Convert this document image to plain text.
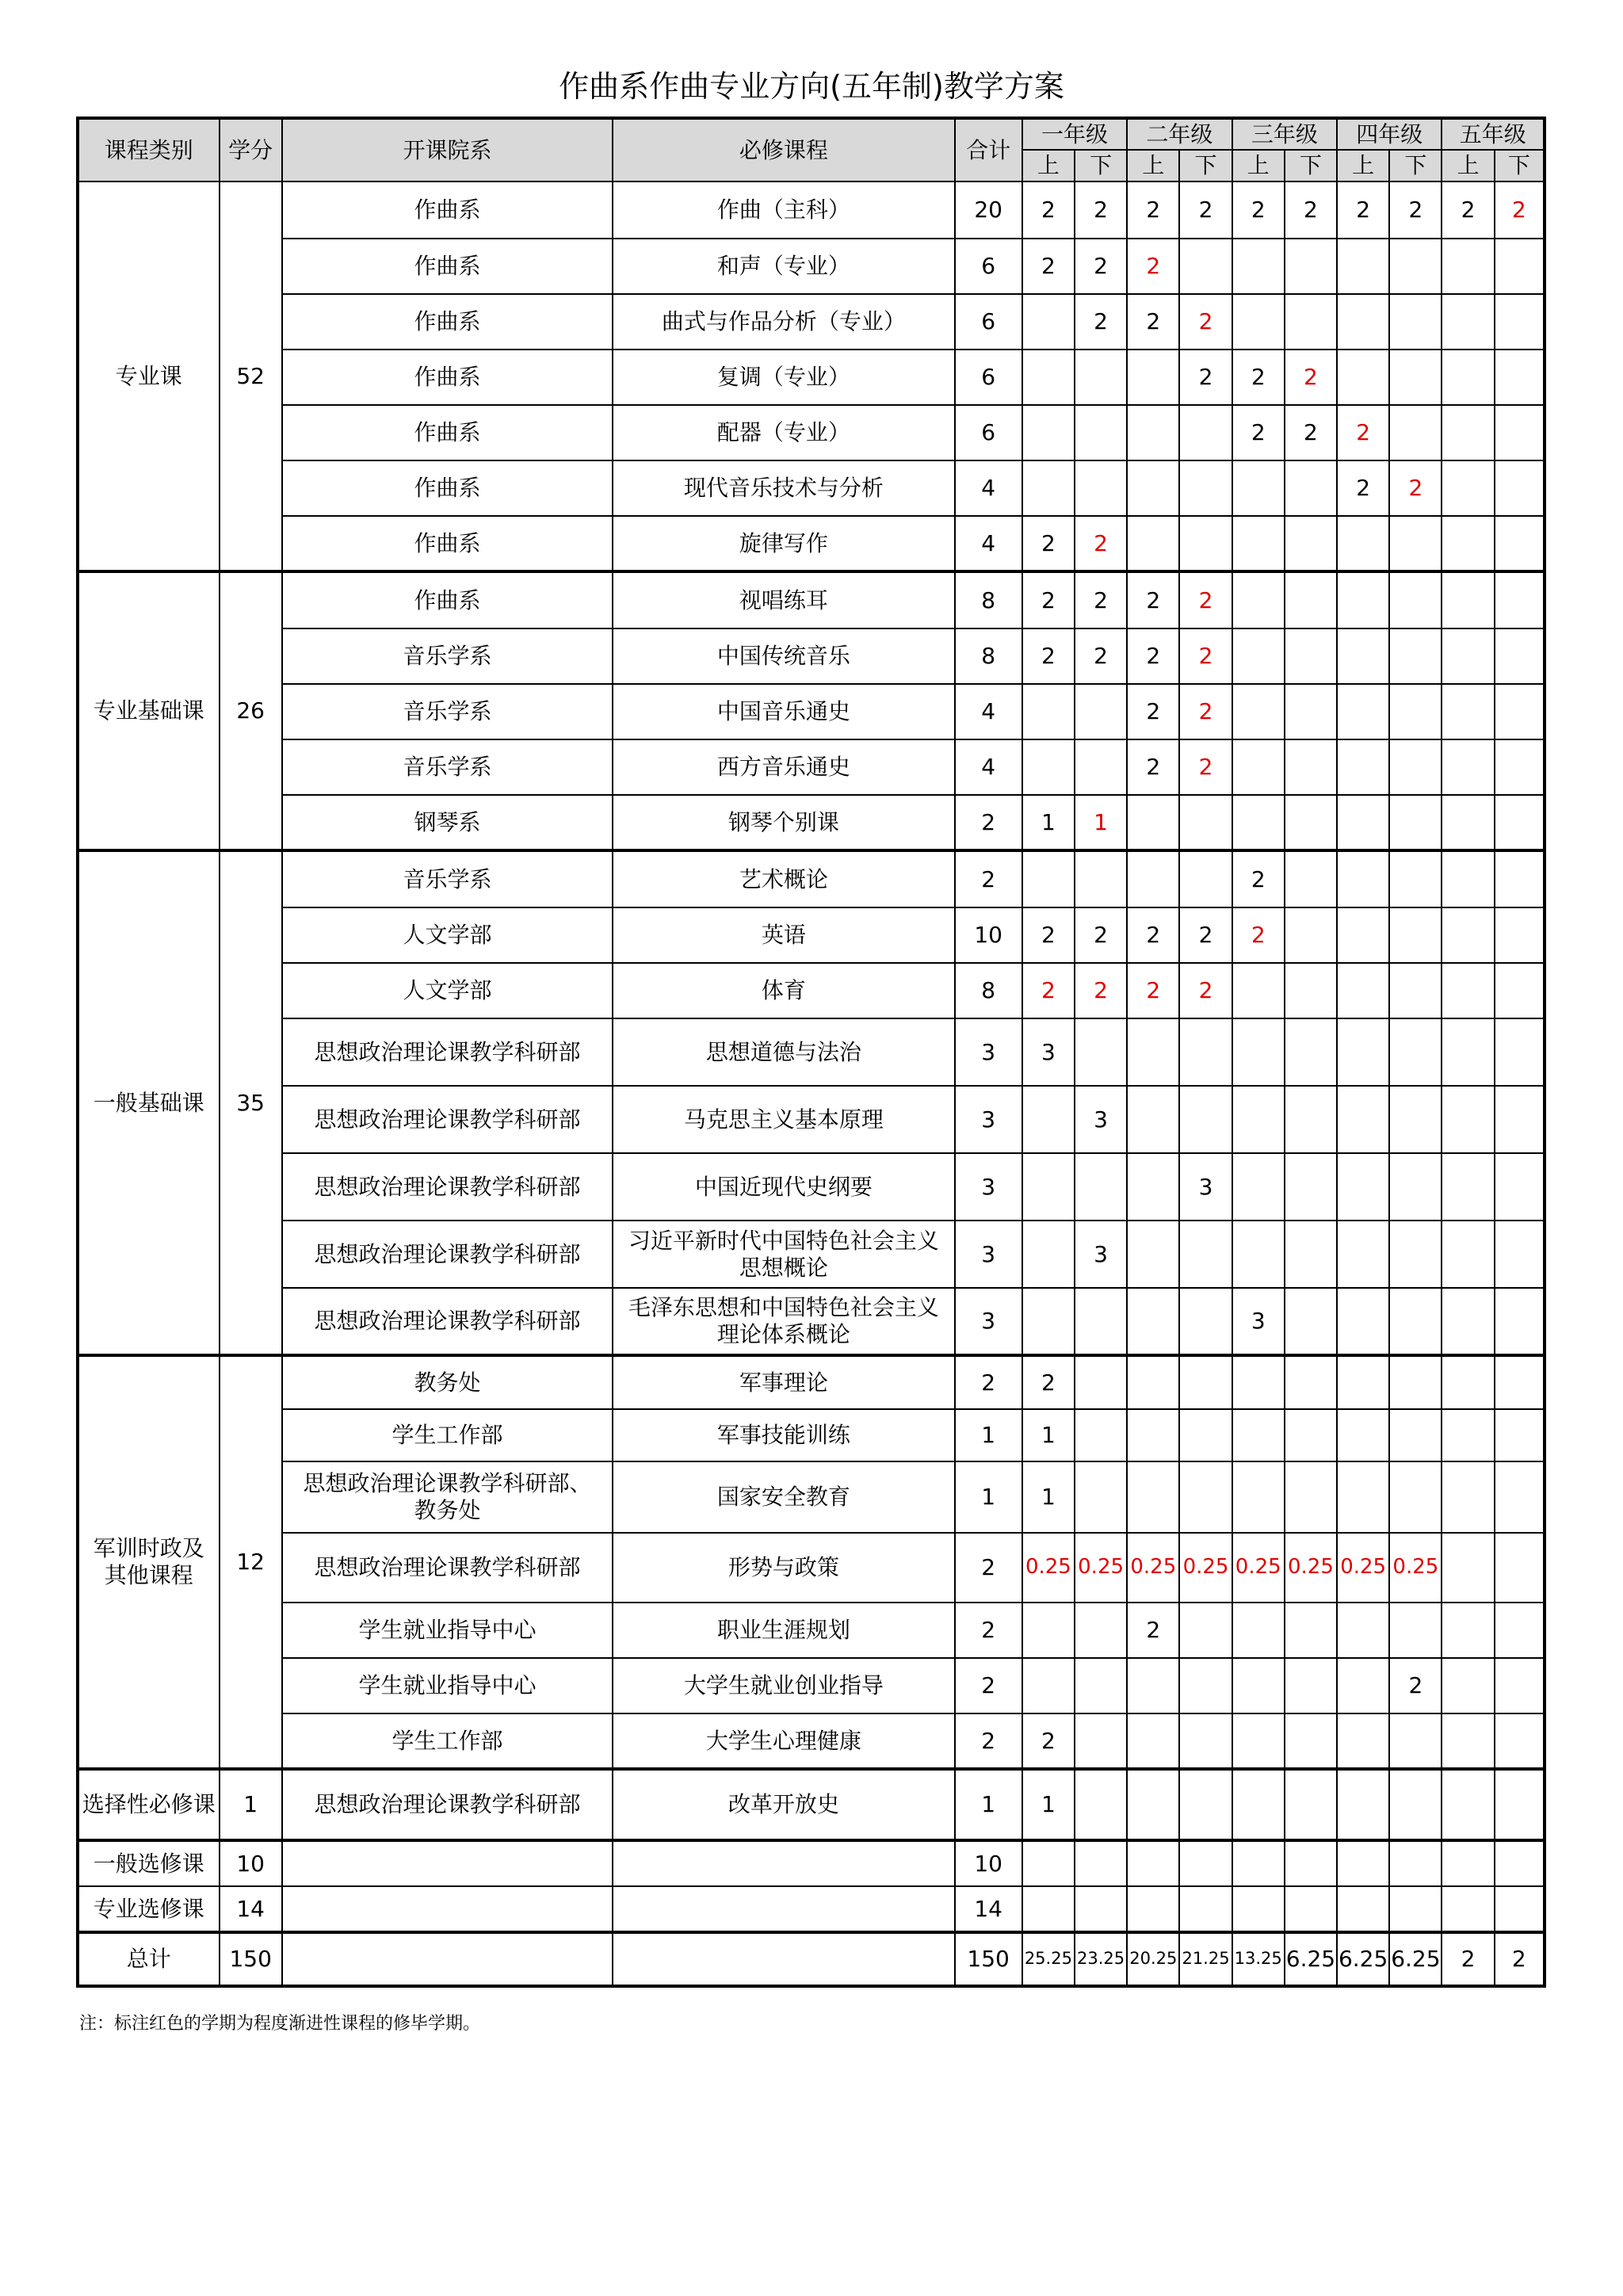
作曲系作曲专业方向(五年制)教学方案
课程类别	学分	开课院系	必修课程	合计	一年级		二年级		三年级		四年级		五年级	
					上	下	上	下	上	下	上	下	上	下
专业课	52	作曲系	作曲（主科）	20	2	2	2	2	2	2	2	2	2	2
		作曲系	和声（专业）	6	2	2	2							
		作曲系	曲式与作品分析（专业）	6		2	2	2						
		作曲系	复调（专业）	6				2	2	2				
		作曲系	配器（专业）	6					2	2	2			
		作曲系	现代音乐技术与分析	4							2	2		
		作曲系	旋律写作	4	2	2								
专业基础课	26	作曲系	视唱练耳	8	2	2	2	2						
		音乐学系	中国传统音乐	8	2	2	2	2						
		音乐学系	中国音乐通史	4			2	2						
		音乐学系	西方音乐通史	4			2	2						
		钢琴系	钢琴个别课	2	1	1								
一般基础课	35	音乐学系	艺术概论	2					2					
		人文学部	英语	10	2	2	2	2	2					
		人文学部	体育	8	2	2	2	2						
		思想政治理论课教学科研部	思想道德与法治	3	3									
		思想政治理论课教学科研部	马克思主义基本原理	3		3								
		思想政治理论课教学科研部	中国近现代史纲要	3				3						
		思想政治理论课教学科研部	习近平新时代中国特色社会主义思想概论	3		3								
		思想政治理论课教学科研部	毛泽东思想和中国特色社会主义理论体系概论	3					3					
军训时政及其他课程	12	教务处	军事理论	2	2									
		学生工作部	军事技能训练	1	1									
		思想政治理论课教学科研部、教务处	国家安全教育	1	1									
		思想政治理论课教学科研部	形势与政策	2	0.25	0.25	0.25	0.25	0.25	0.25	0.25	0.25		
		学生就业指导中心	职业生涯规划	2			2							
		学生就业指导中心	大学生就业创业指导	2								2		
		学生工作部	大学生心理健康	2	2									
选择性必修课	1	思想政治理论课教学科研部	改革开放史	1	1									
一般选修课	10			10										
专业选修课	14			14										
总计	150			150	25.25	23.25	20.25	21.25	13.25	6.25	6.25	6.25	2	2
注：标注红色的学期为程度渐进性课程的修毕学期。
